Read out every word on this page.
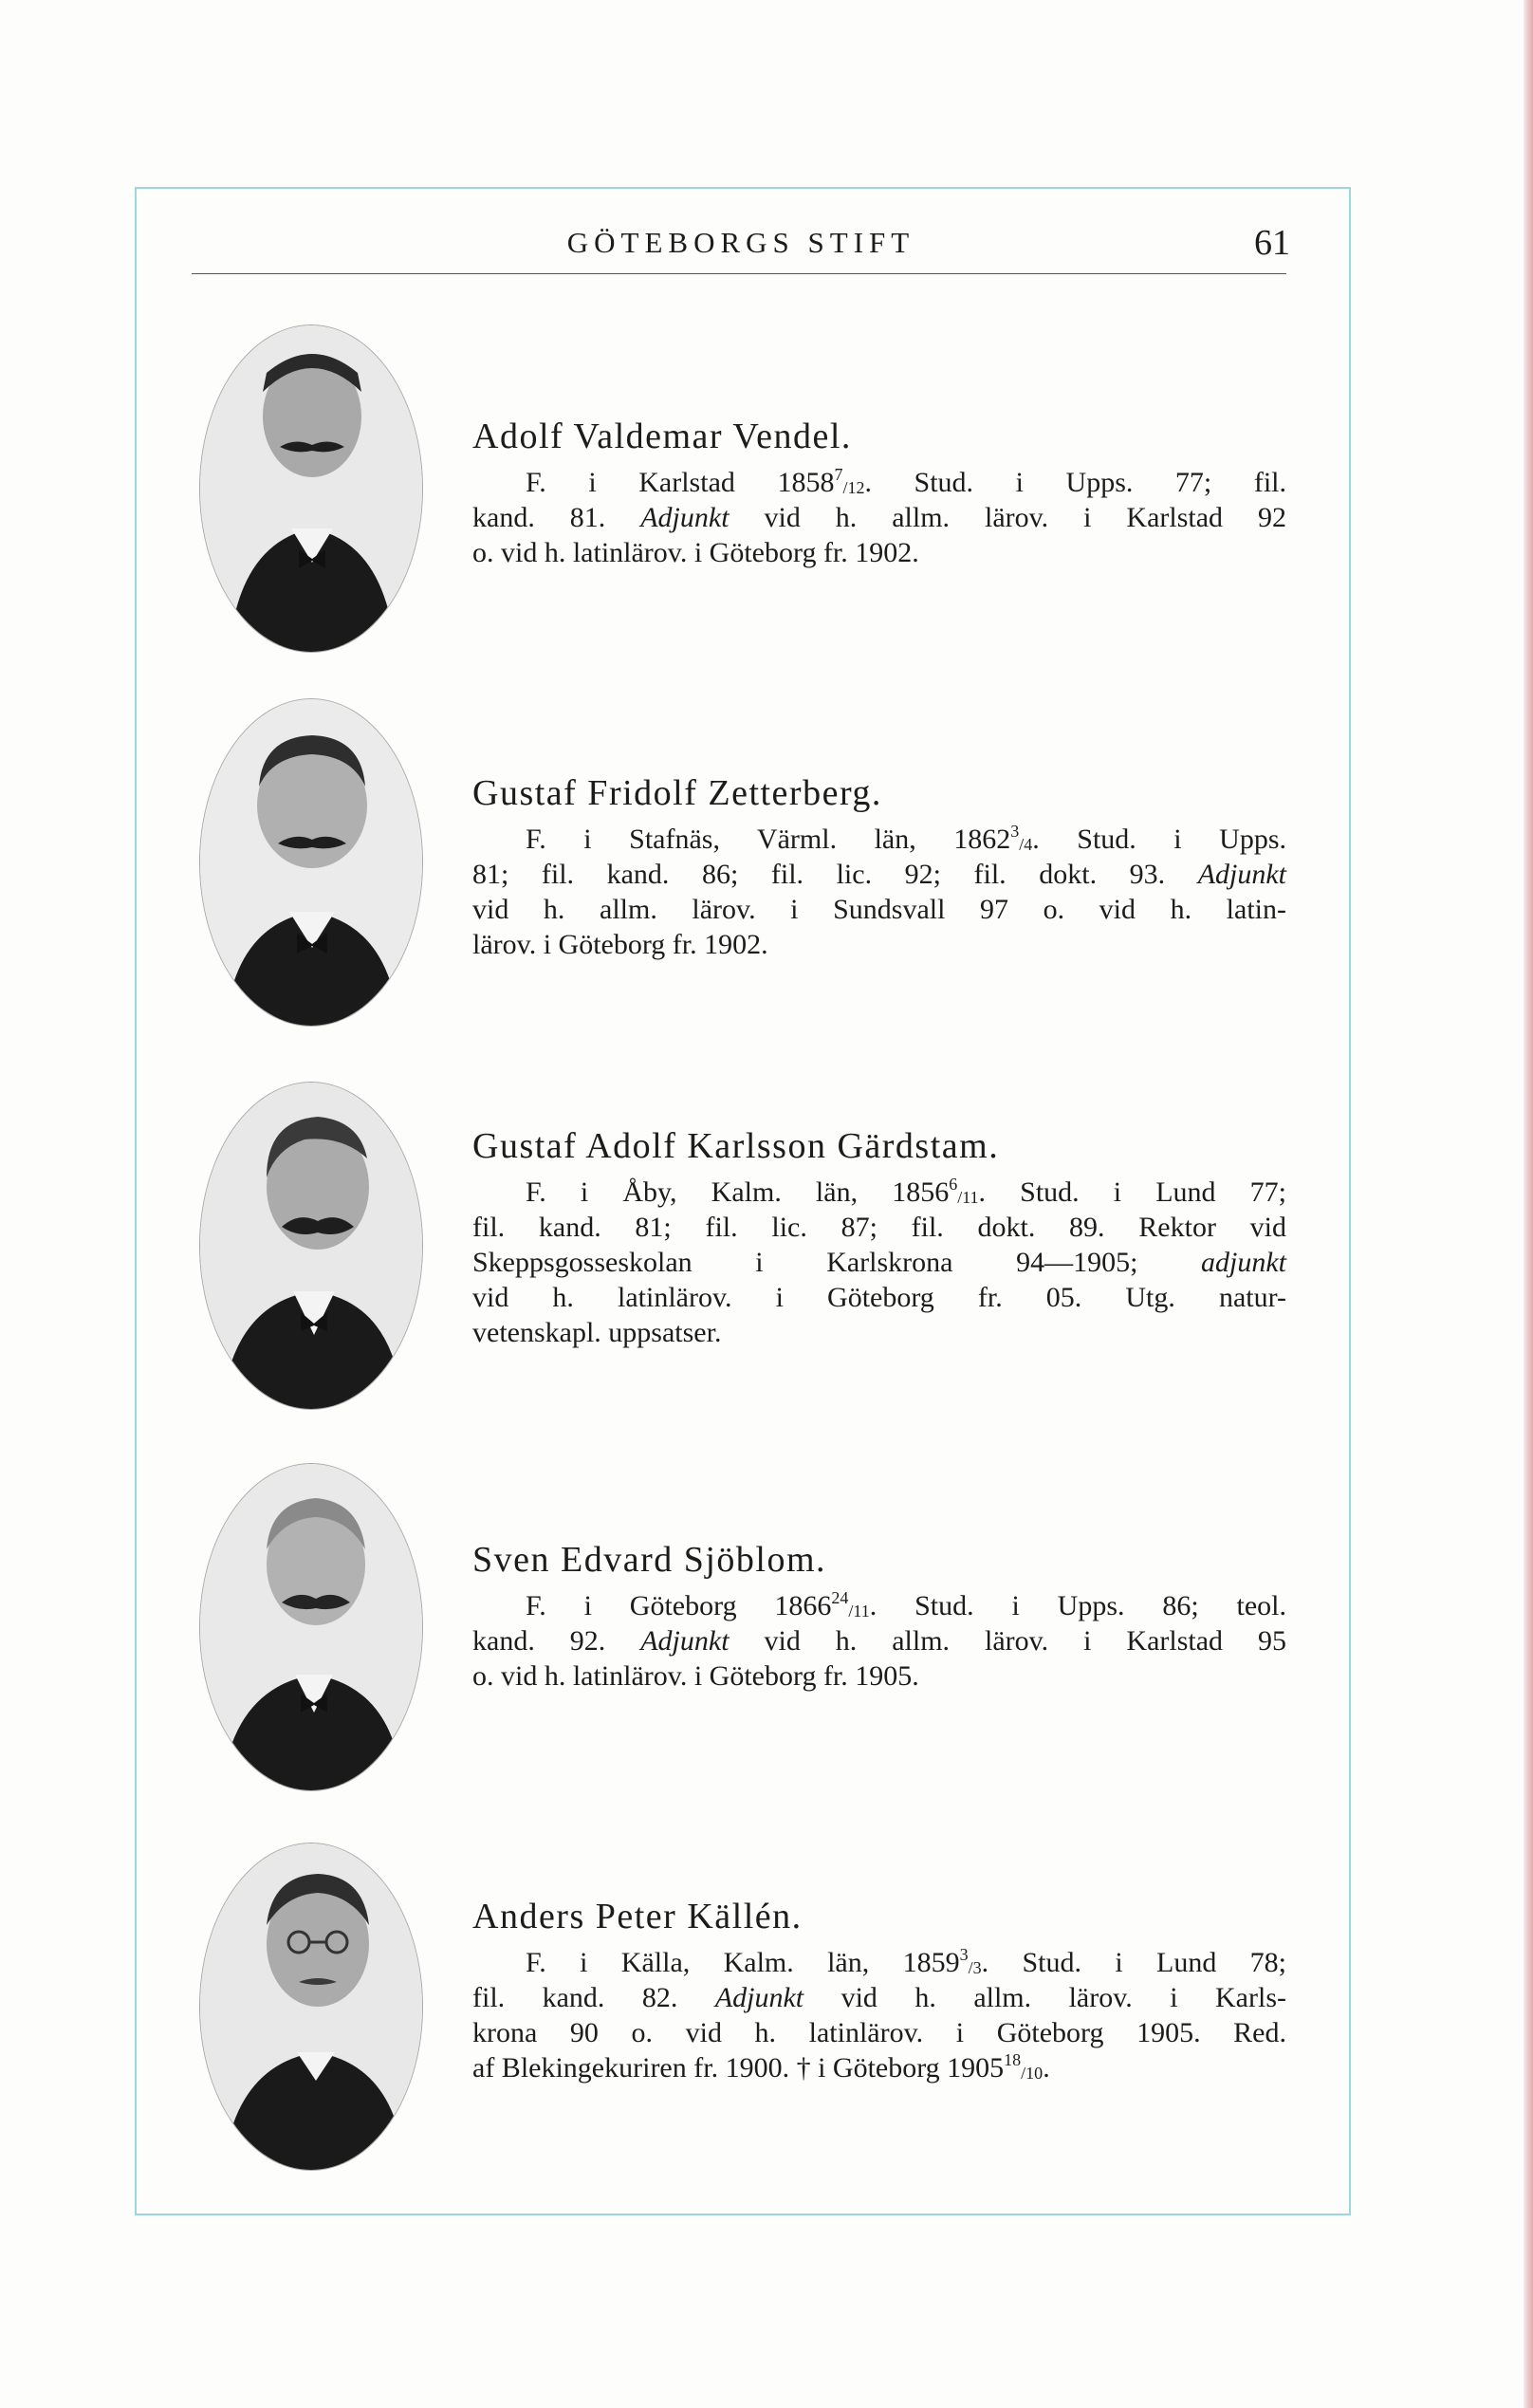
GÖTEBORGS STIFT	61
Adolf Valdemar Vendel.
F. i Karlstad $1858^7_{/12}$. Stud. i Upps. 77; fil.
kand. 81. Adjunkt vid h. allm. lärov. i Karlstad 92
o. vid h. latinlärov. i Göteborg fr. 1902.
Gustaf Fridolf Zetterberg.
F. i Stafnäs, Värml. län, $1862^3_{/4}$. Stud. i Upps.
81; fil. kand. 86; fil. lic. 92; fil. dokt. 93. Adjunkt
vid h. allm. lärov. i Sundsvall 97 o. vid h. latin-
lärov. i Göteborg fr. 1902.
Gustaf Adolf Karlsson Gärdstam.
F. i Åby, Kalm. län, $1856^6_{/11}$. Stud. i Lund 77;
fil. kand. 81; fil. lic. 87; fil. dokt. 89. Rektor vid
Skeppsgosseskolan i Karlskrona 94—1905; adjunkt
vid h. latinlärov. i Göteborg fr. 05. Utg. natur-
vetenskapl. uppsatser.
Sven Edvard Sjöblom.
F. i Göteborg $1866^{24}_{/11}$. Stud. i Upps. 86; teol.
kand. 92. Adjunkt vid h. allm. lärov. i Karlstad 95
o. vid h. latinlärov. i Göteborg fr. 1905.
Anders Peter Källén.
F. i Källa, Kalm. län, $1859^3_{/3}$. Stud. i Lund 78;
fil. kand. 82. Adjunkt vid h. allm. lärov. i Karls-
krona 90 o. vid h. latinlärov. i Göteborg 1905. Red.
af Blekingekuriren fr. 1900. † i Göteborg $1905^{18}_{/10}$.
